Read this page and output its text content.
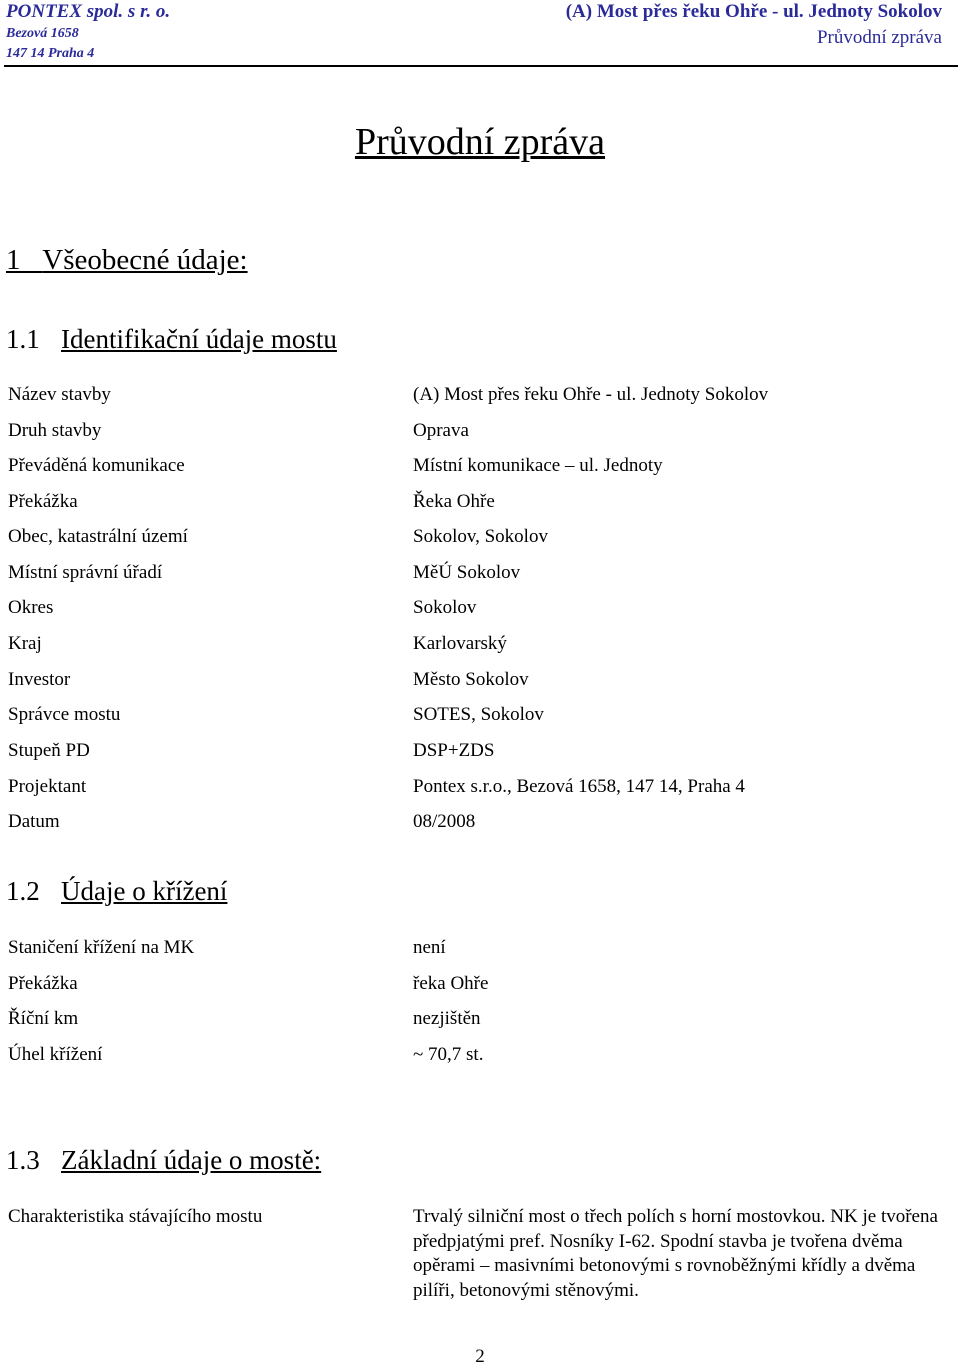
PONTEX spol. s r. o.
Bezová 1658
147 14 Praha 4
(A) Most přes řeku Ohře - ul. Jednoty Sokolov
Průvodní zpráva
Průvodní zpráva
1 Všeobecné údaje:
1.1 Identifikační údaje mostu
Název stavby	(A) Most přes řeku Ohře - ul. Jednoty Sokolov
Druh stavby	Oprava
Převáděná komunikace	Místní komunikace – ul. Jednoty
Překážka	Řeka Ohře
Obec, katastrální území	Sokolov, Sokolov
Místní správní úřadí	MěÚ Sokolov
Okres	Sokolov
Kraj	Karlovarský
Investor	Město Sokolov
Správce mostu	SOTES, Sokolov
Stupeň PD	DSP+ZDS
Projektant	Pontex s.r.o., Bezová 1658, 147 14, Praha 4
Datum	08/2008
1.2 Údaje o křížení
Staničení křížení na MK	není
Překážka	řeka Ohře
Říční km	nezjištěn
Úhel křížení	~ 70,7 st.
1.3 Základní údaje o mostě:
Charakteristika stávajícího mostu	Trvalý silniční most o třech polích s horní mostovkou. NK je tvořena předpjatými pref. Nosníky I-62. Spodní stavba je tvořena dvěma opěrami – masivními betonovými s rovnoběžnými křídly a dvěma pilíři, betonovými stěnovými.
2
